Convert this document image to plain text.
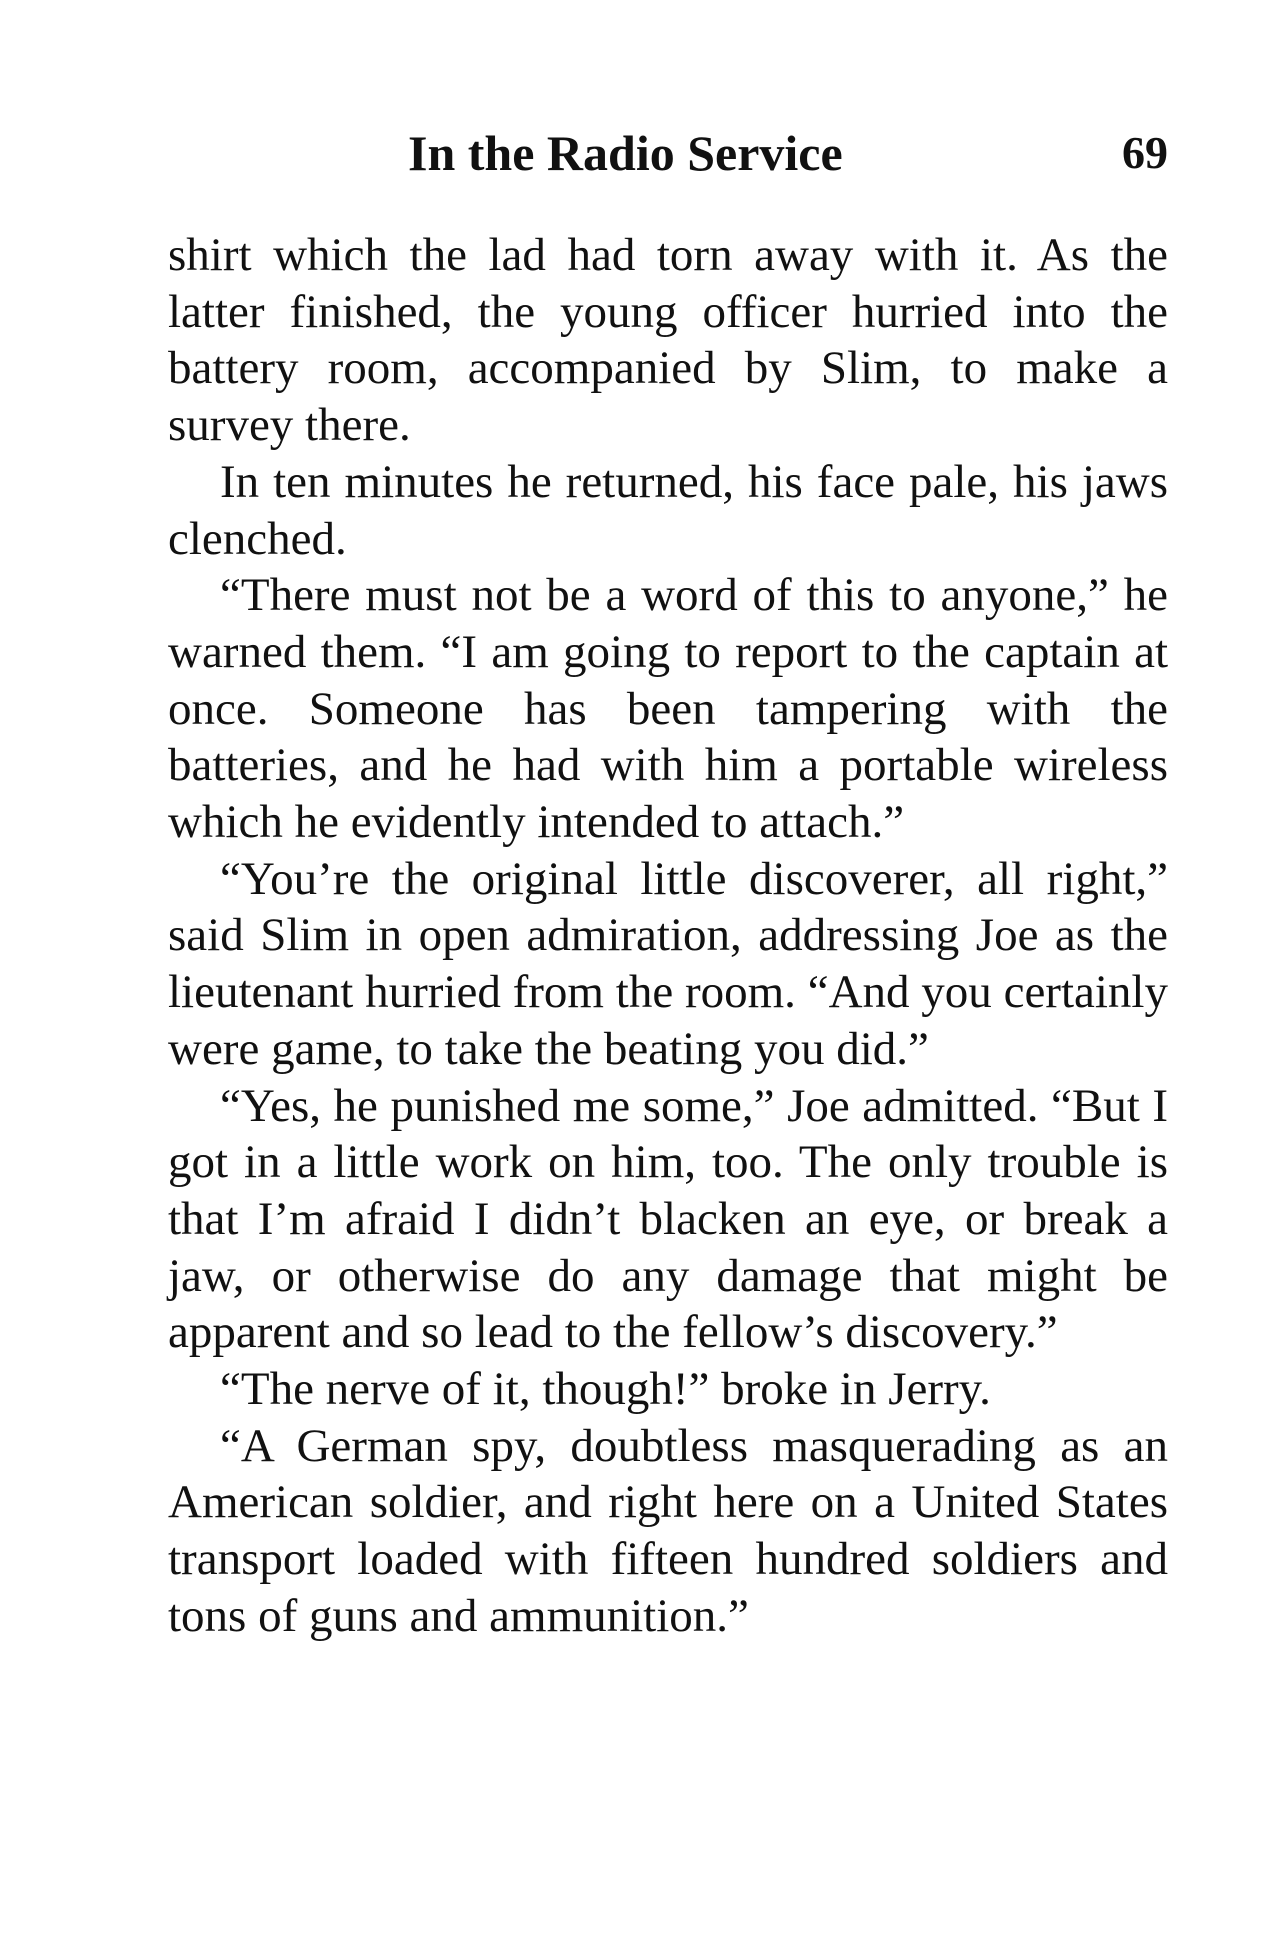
In the Radio Service	69

shirt which the lad had torn away with it. As the latter finished, the young officer hurried into the battery room, accompanied by Slim, to make a survey there.

In ten minutes he returned, his face pale, his jaws clenched.

“There must not be a word of this to anyone,” he warned them. “I am going to report to the captain at once. Someone has been tampering with the batteries, and he had with him a portable wireless which he evidently intended to attach.”

“You’re the original little discoverer, all right,” said Slim in open admiration, addressing Joe as the lieutenant hurried from the room. “And you certainly were game, to take the beating you did.”

“Yes, he punished me some,” Joe admitted. “But I got in a little work on him, too. The only trouble is that I’m afraid I didn’t blacken an eye, or break a jaw, or otherwise do any damage that might be apparent and so lead to the fellow’s discovery.”

“The nerve of it, though!” broke in Jerry.

“A German spy, doubtless masquerading as an American soldier, and right here on a United States transport loaded with fifteen hundred soldiers and tons of guns and ammunition.”
